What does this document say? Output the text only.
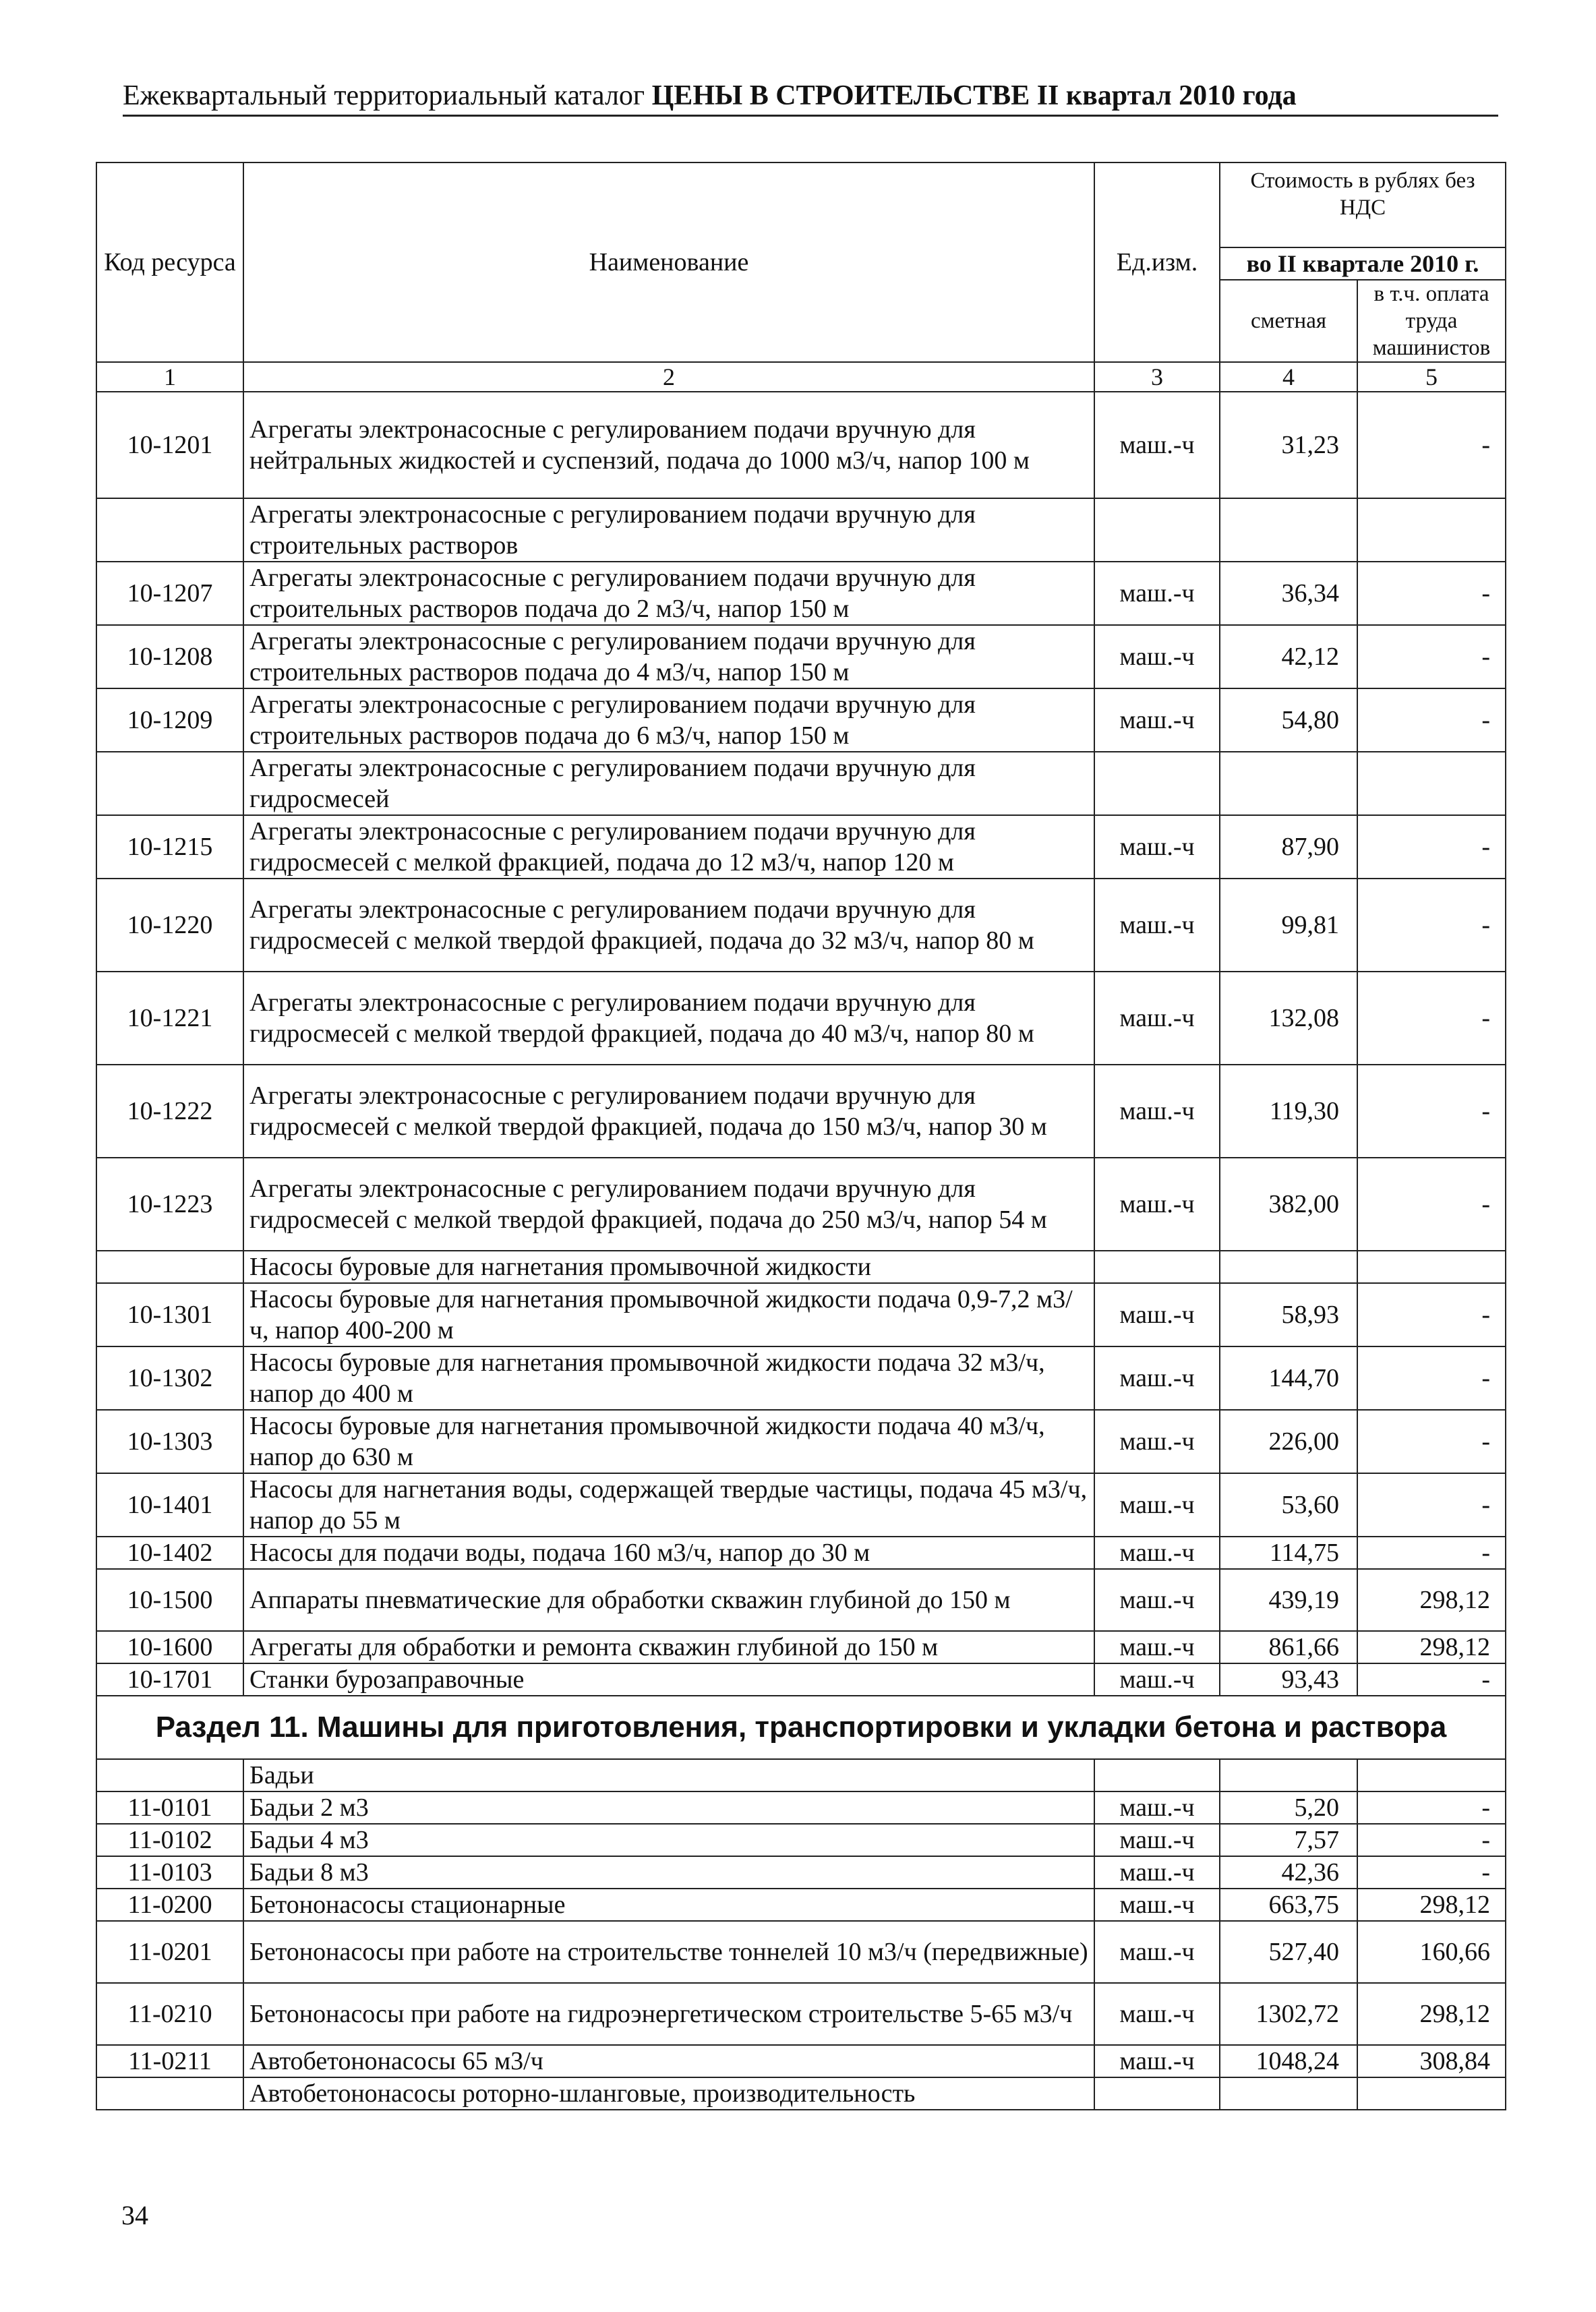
Ежеквартальный территориальный каталог ЦЕНЫ В СТРОИТЕЛЬСТВЕ II квартал 2010 года
Код ресурса	Наименование	Ед.изм.	Стоимость в рублях без НДС	
			во II квартале 2010 г.	
			сметная	в т.ч. оплата труда машинистов
1	2	3	4	5
10-1201	Агрегаты электронасосные с регулированием подачи вручную для нейтральных жидкостей и суспензий, подача до 1000 м3/ч, напор 100 м	маш.-ч	31,23	-
	Агрегаты электронасосные с регулированием подачи вручную для строительных растворов			
10-1207	Агрегаты электронасосные с регулированием подачи вручную для строительных растворов подача до 2 м3/ч, напор 150 м	маш.-ч	36,34	-
10-1208	Агрегаты электронасосные с регулированием подачи вручную для строительных растворов подача до 4 м3/ч, напор 150 м	маш.-ч	42,12	-
10-1209	Агрегаты электронасосные с регулированием подачи вручную для строительных растворов подача до 6 м3/ч, напор 150 м	маш.-ч	54,80	-
	Агрегаты электронасосные с регулированием подачи вручную для гидросмесей			
10-1215	Агрегаты электронасосные с регулированием подачи вручную для гидросмесей с мелкой фракцией, подача до 12 м3/ч, напор 120 м	маш.-ч	87,90	-
10-1220	Агрегаты электронасосные с регулированием подачи вручную для гидросмесей с мелкой твердой фракцией, подача до 32 м3/ч, напор 80 м	маш.-ч	99,81	-
10-1221	Агрегаты электронасосные с регулированием подачи вручную для гидросмесей с мелкой твердой фракцией, подача до 40 м3/ч, напор 80 м	маш.-ч	132,08	-
10-1222	Агрегаты электронасосные с регулированием подачи вручную для гидросмесей с мелкой твердой фракцией, подача до 150 м3/ч, напор 30 м	маш.-ч	119,30	-
10-1223	Агрегаты электронасосные с регулированием подачи вручную для гидросмесей с мелкой твердой фракцией, подача до 250 м3/ч, напор 54 м	маш.-ч	382,00	-
	Насосы буровые для нагнетания промывочной жидкости			
10-1301	Насосы буровые для нагнетания промывочной жидкости подача 0,9-7,2 м3/ч, напор 400-200 м	маш.-ч	58,93	-
10-1302	Насосы буровые для нагнетания промывочной жидкости подача 32 м3/ч, напор до 400 м	маш.-ч	144,70	-
10-1303	Насосы буровые для нагнетания промывочной жидкости подача 40 м3/ч, напор до 630 м	маш.-ч	226,00	-
10-1401	Насосы для нагнетания воды, содержащей твердые частицы, подача 45 м3/ч, напор до 55 м	маш.-ч	53,60	-
10-1402	Насосы для подачи воды, подача 160 м3/ч, напор до 30 м	маш.-ч	114,75	-
10-1500	Аппараты пневматические для обработки скважин глубиной до 150 м	маш.-ч	439,19	298,12
10-1600	Агрегаты для обработки и ремонта скважин глубиной до 150 м	маш.-ч	861,66	298,12
10-1701	Станки бурозаправочные	маш.-ч	93,43	-
Раздел 11. Машины для приготовления, транспортировки и укладки бетона и раствора				
	Бадьи			
11-0101	Бадьи 2 м3	маш.-ч	5,20	-
11-0102	Бадьи 4 м3	маш.-ч	7,57	-
11-0103	Бадьи 8 м3	маш.-ч	42,36	-
11-0200	Бетононасосы стационарные	маш.-ч	663,75	298,12
11-0201	Бетононасосы при работе на строительстве тоннелей 10 м3/ч (передвижные)	маш.-ч	527,40	160,66
11-0210	Бетононасосы при работе на гидроэнергетическом строительстве 5-65 м3/ч	маш.-ч	1302,72	298,12
11-0211	Автобетононасосы 65 м3/ч	маш.-ч	1048,24	308,84
	Автобетононасосы роторно-шланговые, производительность			
34
